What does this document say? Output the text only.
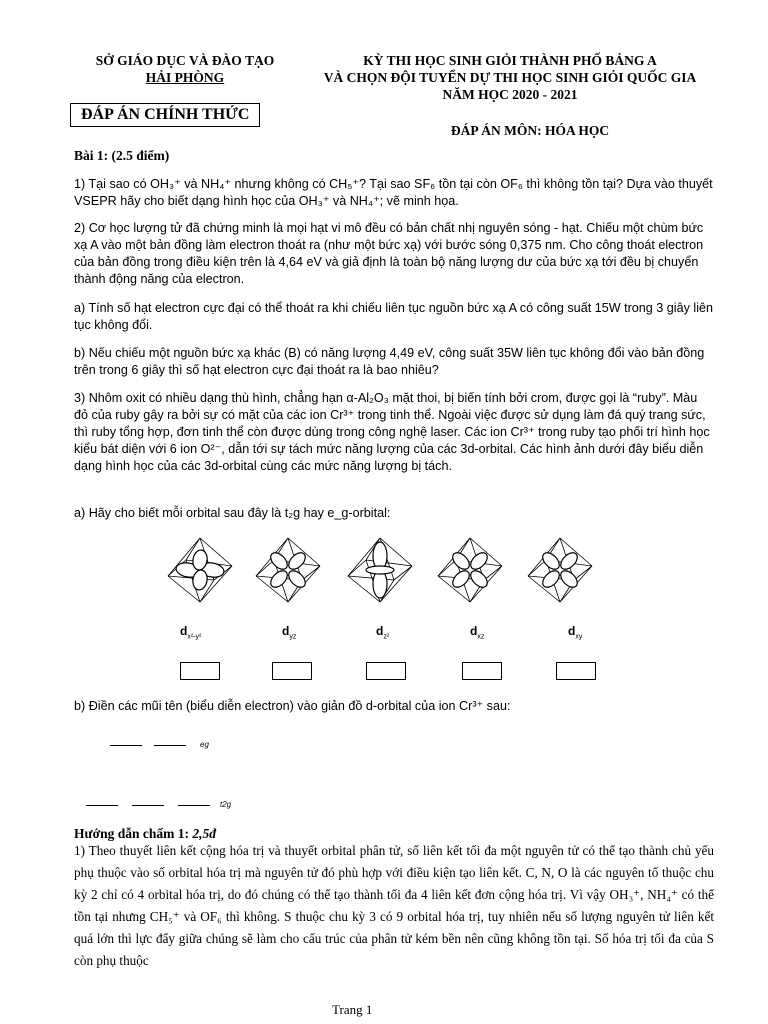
SỞ GIÁO DỤC VÀ ĐÀO TẠO
HẢI PHÒNG
KỲ THI HỌC SINH GIỎI THÀNH PHỐ BẢNG A
VÀ CHỌN ĐỘI TUYỂN DỰ THI HỌC SINH GIỎI QUỐC GIA
NĂM HỌC 2020 - 2021
ĐÁP ÁN CHÍNH THỨC
ĐÁP ÁN MÔN: HÓA HỌC
Bài 1: (2.5 điểm)
1) Tại sao có OH₃⁺ và NH₄⁺ nhưng không có CH₅⁺? Tại sao SF₆ tồn tại còn OF₆ thì không tồn tại? Dựa vào thuyết VSEPR hãy cho biết dạng hình học của OH₃⁺ và NH₄⁺; vẽ minh họa.
2) Cơ học lượng tử đã chứng minh là mọi hạt vi mô đều có bản chất nhị nguyên sóng - hạt. Chiếu một chùm bức xạ A vào một bản đồng làm electron thoát ra (như một bức xạ) với bước sóng 0,375 nm. Cho công thoát electron của bản đồng trong điều kiện trên là 4,64 eV và giả định là toàn bộ năng lượng dư của bức xạ tới đều bị chuyển thành động năng của electron.
a) Tính số hạt electron cực đại có thể thoát ra khi chiếu liên tục nguồn bức xạ A có công suất 15W trong 3 giây liên tục không đổi.
b) Nếu chiếu một nguồn bức xạ khác (B) có năng lượng 4,49 eV, công suất 35W liên tục không đổi vào bản đồng trên trong 6 giây thì số hạt electron cực đại thoát ra là bao nhiêu?
3) Nhôm oxit có nhiều dạng thù hình, chẳng hạn α-Al₂O₃ mặt thoi, bị biến tính bởi crom, được gọi là “ruby”. Màu đỏ của ruby gây ra bởi sự có mặt của các ion Cr³⁺ trong tinh thể. Ngoài việc được sử dụng làm đá quý trang sức, thì ruby tổng hợp, đơn tinh thể còn được dùng trong công nghệ laser. Các ion Cr³⁺ trong ruby tạo phối trí hình học kiểu bát diện với 6 ion O²⁻, dẫn tới sự tách mức năng lượng của các 3d-orbital. Các hình ảnh dưới đây biểu diễn dạng hình học của các 3d-orbital cùng các mức năng lượng bị tách.
a) Hãy cho biết mỗi orbital sau đây là t₂g hay e_g-orbital:
$d_{x^2-y^2}$	$d_{yz}$	$d_{z^2}$	$d_{xz}$	$d_{xy}$
b) Điền các mũi tên (biểu diễn electron) vào giản đồ d-orbital của ion Cr³⁺ sau:
eg
t2g
Hướng dẫn chấm 1: 2,5đ
1) Theo thuyết liên kết cộng hóa trị và thuyết orbital phân tử, số liên kết tối đa một nguyên tử có thể tạo thành chủ yếu phụ thuộc vào số orbital hóa trị mà nguyên tử đó phù hợp với điều kiện tạo liên kết. C, N, O là các nguyên tố thuộc chu kỳ 2 chỉ có 4 orbital hóa trị, do đó chúng có thể tạo thành tối đa 4 liên kết đơn cộng hóa trị. Vì vậy OH₃⁺, NH₄⁺ có thể tồn tại nhưng CH₅⁺ và OF₆ thì không. S thuộc chu kỳ 3 có 9 orbital hóa trị, tuy nhiên nếu số lượng nguyên tử liên kết quá lớn thì lực đẩy giữa chúng sẽ làm cho cấu trúc của phân tử kém bền nên cũng không tồn tại. Số hóa trị tối đa của S còn phụ thuộc
Trang 1
